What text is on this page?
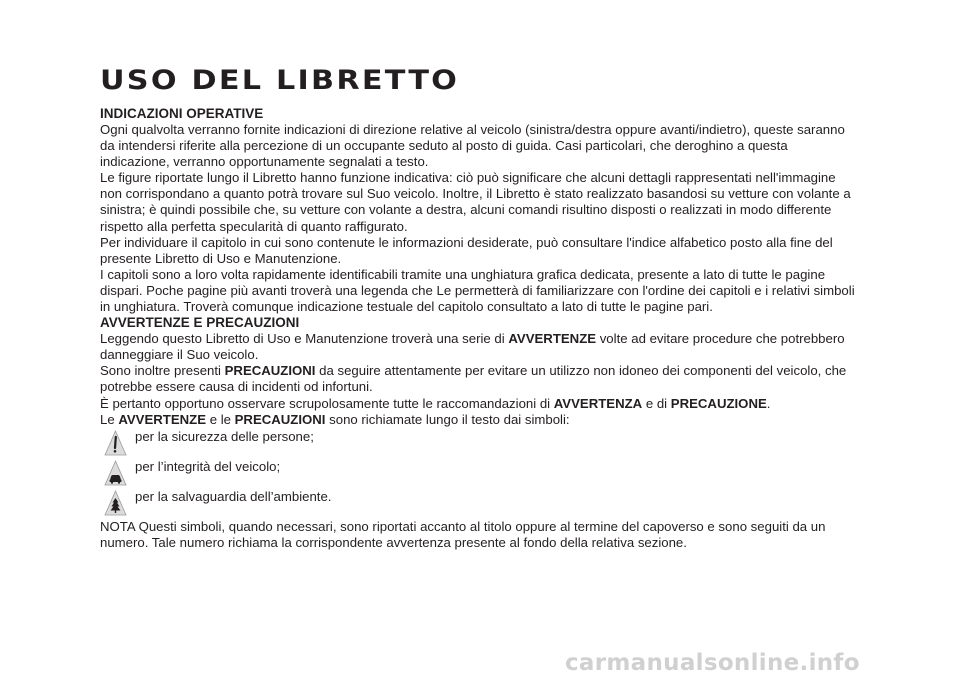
USO DEL LIBRETTO

INDICAZIONI OPERATIVE

Ogni qualvolta verranno fornite indicazioni di direzione relative al veicolo (sinistra/destra oppure avanti/indietro), queste saranno da intendersi riferite alla percezione di un occupante seduto al posto di guida. Casi particolari, che deroghino a questa indicazione, verranno opportunamente segnalati a testo.

Le figure riportate lungo il Libretto hanno funzione indicativa: ciò può significare che alcuni dettagli rappresentati nell'immagine non corrispondano a quanto potrà trovare sul Suo veicolo. Inoltre, il Libretto è stato realizzato basandosi su vetture con volante a sinistra; è quindi possibile che, su vetture con volante a destra, alcuni comandi risultino disposti o realizzati in modo differente rispetto alla perfetta specularità di quanto raffigurato.

Per individuare il capitolo in cui sono contenute le informazioni desiderate, può consultare l'indice alfabetico posto alla fine del presente Libretto di Uso e Manutenzione.

I capitoli sono a loro volta rapidamente identificabili tramite una unghiatura grafica dedicata, presente a lato di tutte le pagine dispari. Poche pagine più avanti troverà una legenda che Le permetterà di familiarizzare con l'ordine dei capitoli e i relativi simboli in unghiatura. Troverà comunque indicazione testuale del capitolo consultato a lato di tutte le pagine pari.

AVVERTENZE E PRECAUZIONI

Leggendo questo Libretto di Uso e Manutenzione troverà una serie di AVVERTENZE volte ad evitare procedure che potrebbero danneggiare il Suo veicolo.

Sono inoltre presenti PRECAUZIONI da seguire attentamente per evitare un utilizzo non idoneo dei componenti del veicolo, che potrebbe essere causa di incidenti od infortuni.

È pertanto opportuno osservare scrupolosamente tutte le raccomandazioni di AVVERTENZA e di PRECAUZIONE.

Le AVVERTENZE e le PRECAUZIONI sono richiamate lungo il testo dai simboli:

per la sicurezza delle persone;
per l’integrità del veicolo;
per la salvaguardia dell’ambiente.

NOTA Questi simboli, quando necessari, sono riportati accanto al titolo oppure al termine del capoverso e sono seguiti da un numero. Tale numero richiama la corrispondente avvertenza presente al fondo della relativa sezione.

carmanualsonline.info
